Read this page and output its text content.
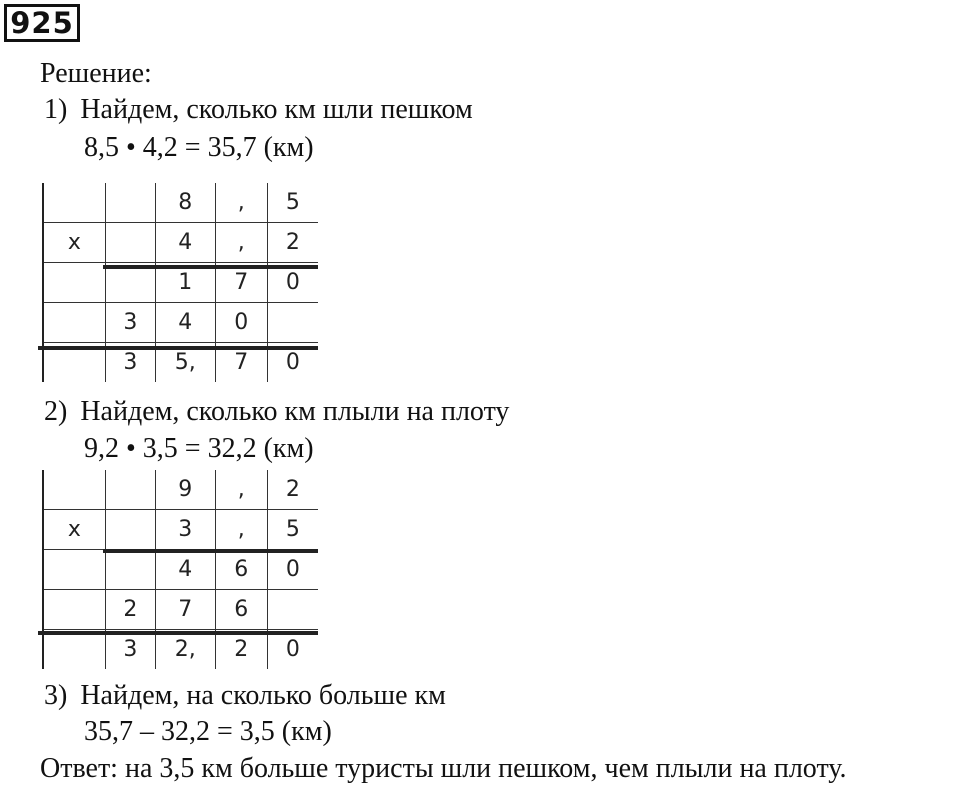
925
Решение:
1) Найдем, сколько км шли пешком
8,5 • 4,2 = 35,7 (км)
		8	,	5
x		4	,	2
		1	7	0
	3	4	0	
	3	5,	7	0
2) Найдем, сколько км плыли на плоту
9,2 • 3,5 = 32,2 (км)
		9	,	2
x		3	,	5
		4	6	0
	2	7	6	
	3	2,	2	0
3) Найдем, на сколько больше км
35,7 – 32,2 = 3,5 (км)
Ответ: на 3,5 км больше туристы шли пешком, чем плыли на плоту.
